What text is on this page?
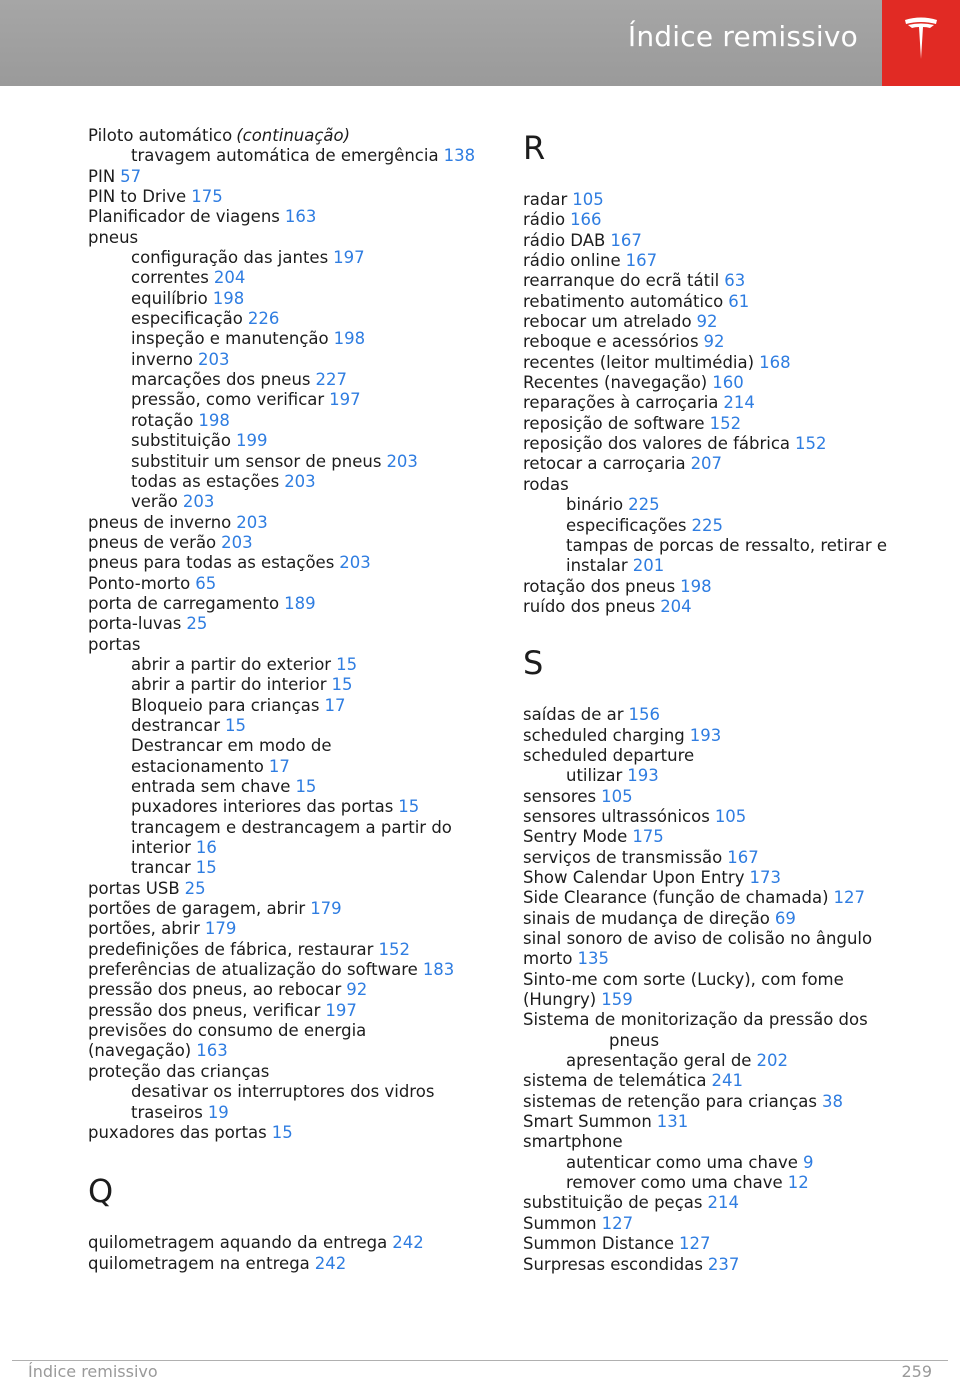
Índice remissivo
Piloto automático (continuação)
travagem automática de emergência 138
PIN 57
PIN to Drive 175
Planificador de viagens 163
pneus
configuração das jantes 197
correntes 204
equilíbrio 198
especificação 226
inspeção e manutenção 198
inverno 203
marcações dos pneus 227
pressão, como verificar 197
rotação 198
substituição 199
substituir um sensor de pneus 203
todas as estações 203
verão 203
pneus de inverno 203
pneus de verão 203
pneus para todas as estações 203
Ponto-morto 65
porta de carregamento 189
porta-luvas 25
portas
abrir a partir do exterior 15
abrir a partir do interior 15
Bloqueio para crianças 17
destrancar 15
Destrancar em modo de estacionamento 17
entrada sem chave 15
puxadores interiores das portas 15
trancagem e destrancagem a partir do interior 16
trancar 15
portas USB 25
portões de garagem, abrir 179
portões, abrir 179
predefinições de fábrica, restaurar 152
preferências de atualização do software 183
pressão dos pneus, ao rebocar 92
pressão dos pneus, verificar 197
previsões do consumo de energia (navegação) 163
proteção das crianças
desativar os interruptores dos vidros traseiros 19
puxadores das portas 15
Q
quilometragem aquando da entrega 242
quilometragem na entrega 242
R
radar 105
rádio 166
rádio DAB 167
rádio online 167
rearranque do ecrã tátil 63
rebatimento automático 61
rebocar um atrelado 92
reboque e acessórios 92
recentes (leitor multimédia) 168
Recentes (navegação) 160
reparações à carroçaria 214
reposição de software 152
reposição dos valores de fábrica 152
retocar a carroçaria 207
rodas
binário 225
especificações 225
tampas de porcas de ressalto, retirar e instalar 201
rotação dos pneus 198
ruído dos pneus 204
S
saídas de ar 156
scheduled charging 193
scheduled departure
utilizar 193
sensores 105
sensores ultrassónicos 105
Sentry Mode 175
serviços de transmissão 167
Show Calendar Upon Entry 173
Side Clearance (função de chamada) 127
sinais de mudança de direção 69
sinal sonoro de aviso de colisão no ângulo morto 135
Sinto-me com sorte (Lucky), com fome (Hungry) 159
Sistema de monitorização da pressão dos
pneus
apresentação geral de 202
sistema de telemática 241
sistemas de retenção para crianças 38
Smart Summon 131
smartphone
autenticar como uma chave 9
remover como uma chave 12
substituição de peças 214
Summon 127
Summon Distance 127
Surpresas escondidas 237
Índice remissivo	259
